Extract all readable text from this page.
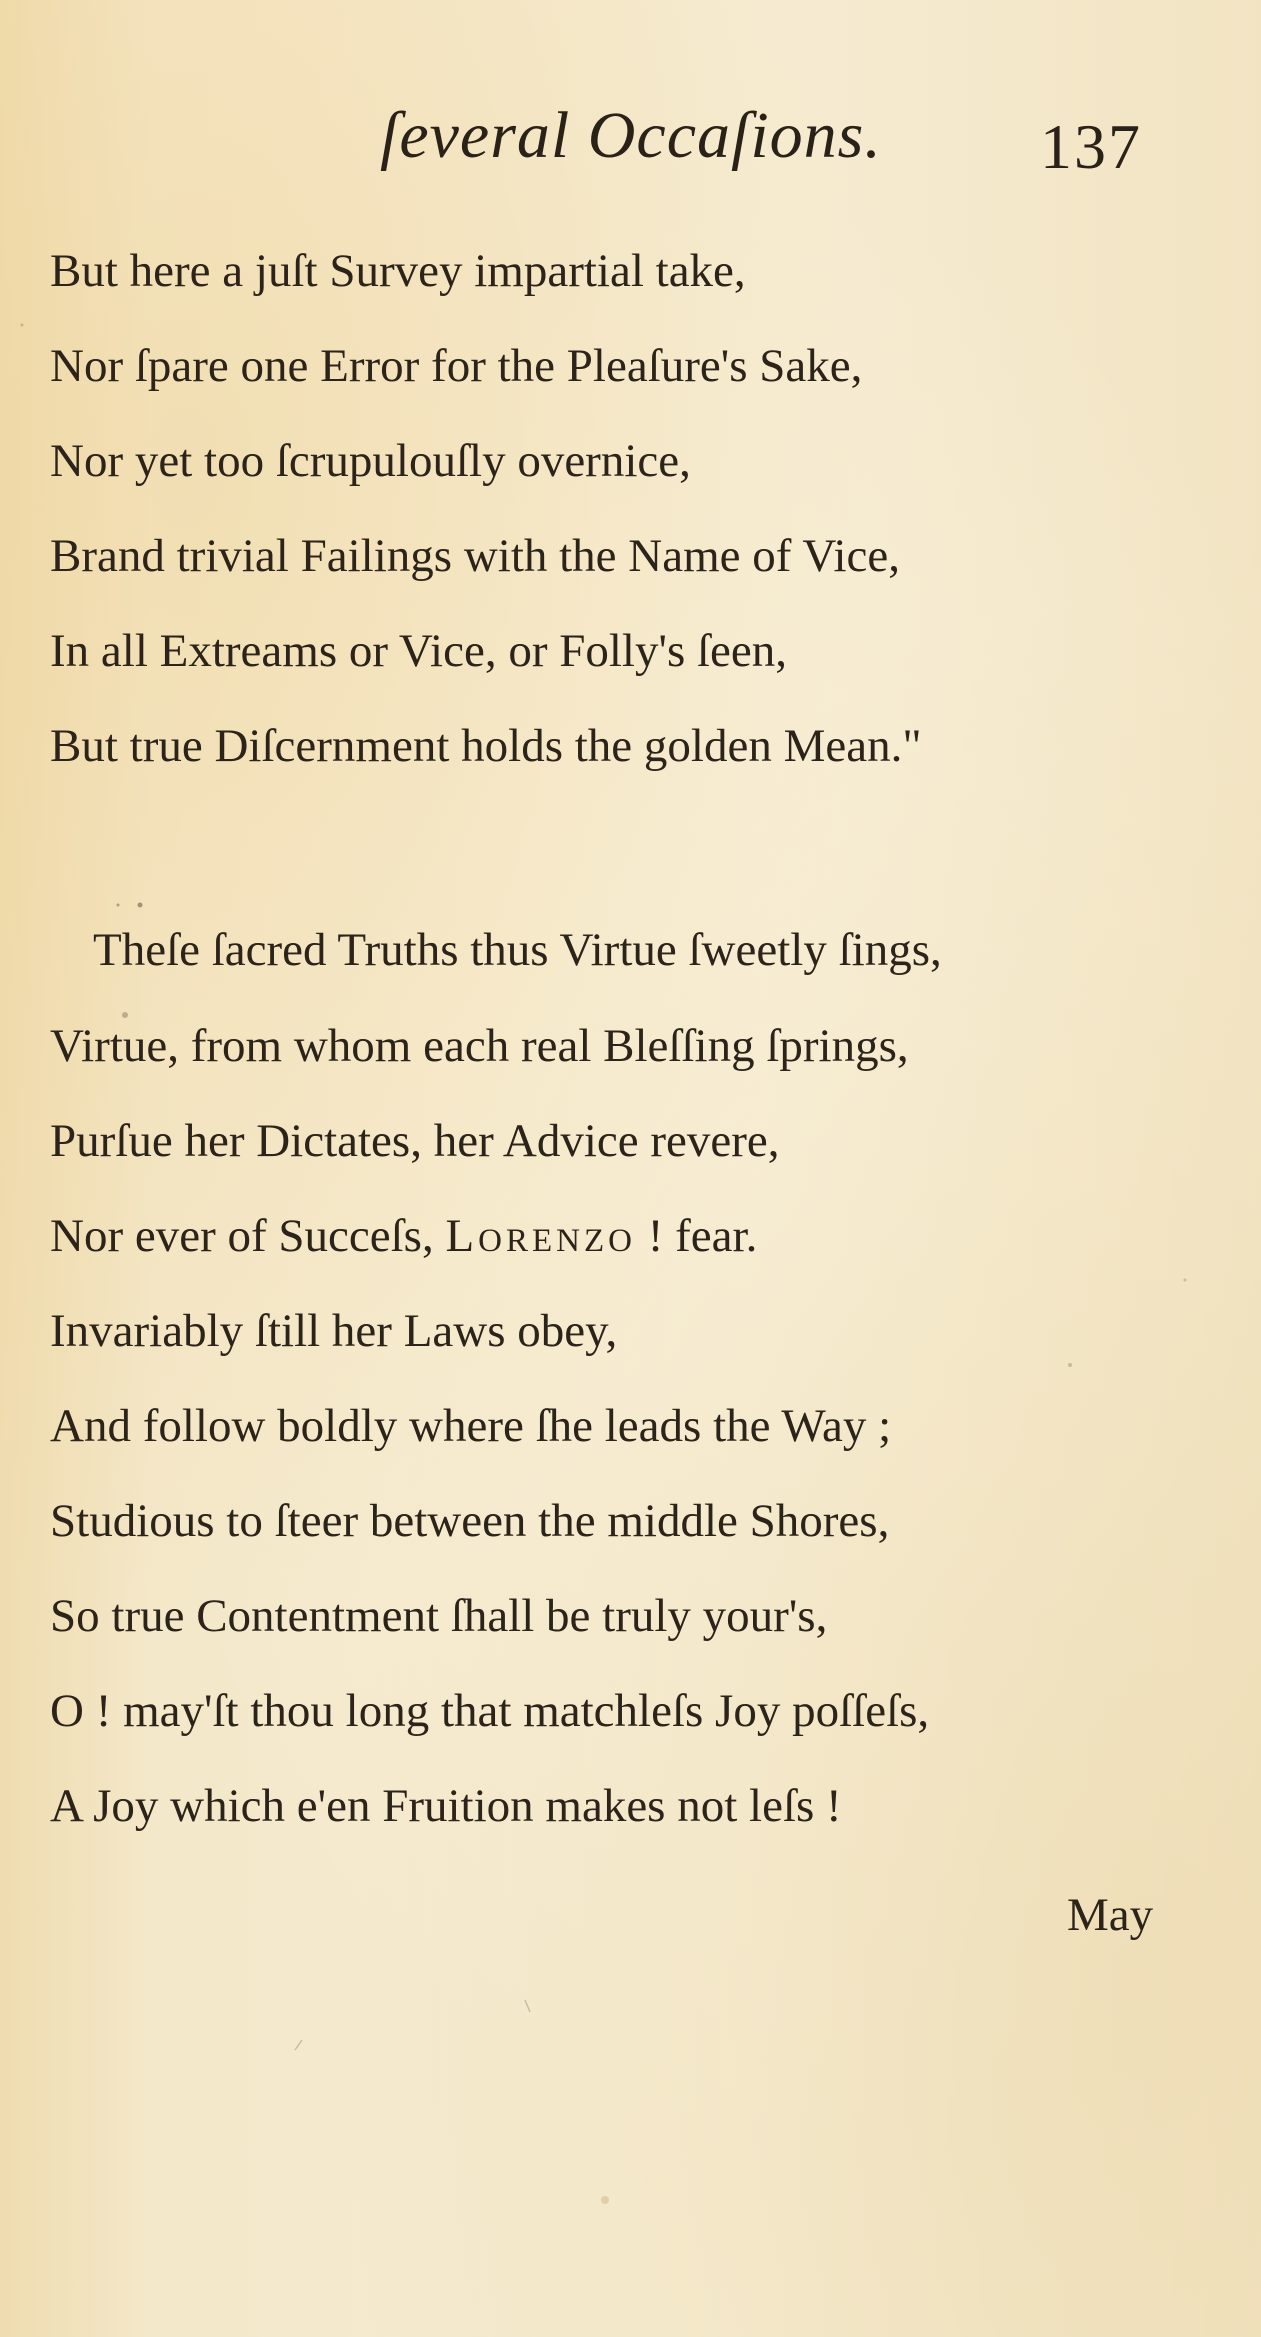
ſeveral Occaſions. 137
But here a juſt Survey impartial take,
Nor ſpare one Error for the Pleaſure's Sake,
Nor yet too ſcrupulouſly overnice,
Brand trivial Failings with the Name of Vice,
In all Extreams or Vice, or Folly's ſeen,
But true Diſcernment holds the golden Mean."
Theſe ſacred Truths thus Virtue ſweetly ſings,
Virtue, from whom each real Bleſſing ſprings,
Purſue her Dictates, her Advice revere,
Nor ever of Succeſs, Lorenzo ! fear.
Invariably ſtill her Laws obey,
And follow boldly where ſhe leads the Way ;
Studious to ſteer between the middle Shores,
So true Contentment ſhall be truly your's,
O ! may'ſt thou long that matchleſs Joy poſſeſs,
A Joy which e'en Fruition makes not leſs !
May
